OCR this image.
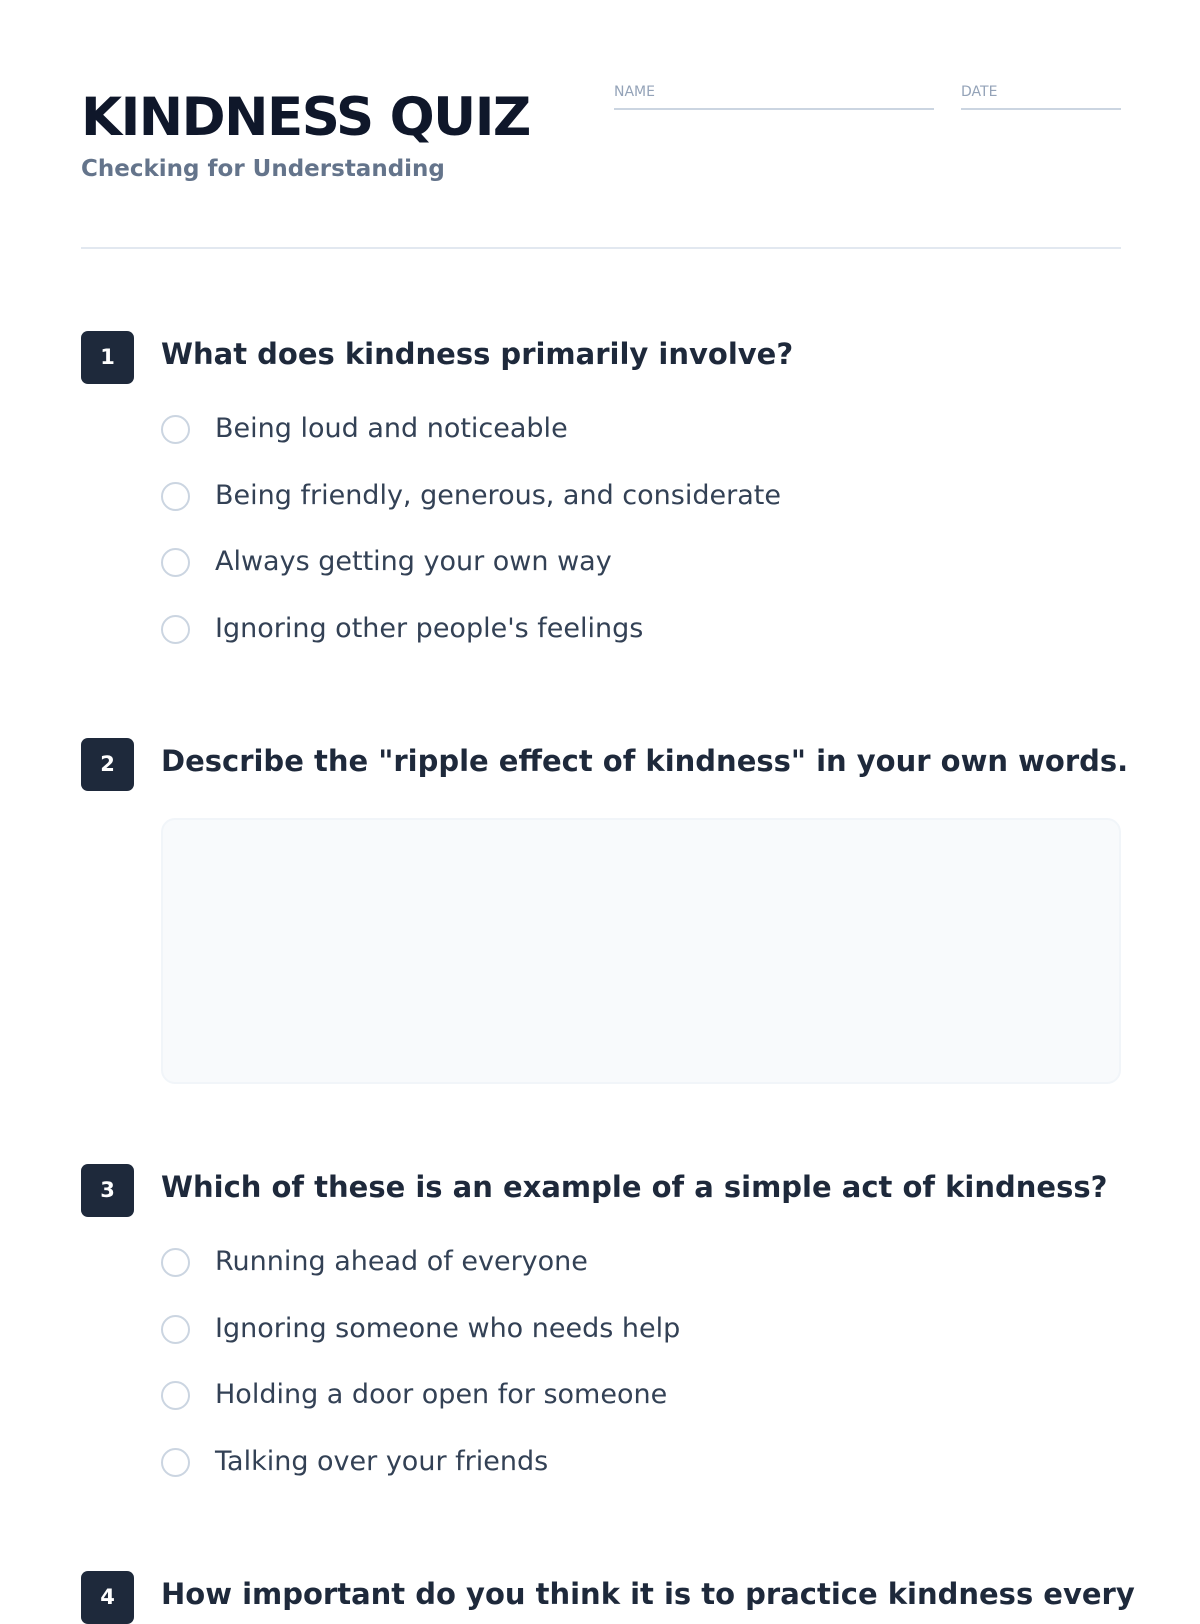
KINDNESS QUIZ
Checking for Understanding
NAME	DATE
1	What does kindness primarily involve?
Being loud and noticeable
Being friendly, generous, and considerate
Always getting your own way
Ignoring other people's feelings
2	Describe the "ripple effect of kindness" in your own words.
3	Which of these is an example of a simple act of kindness?
Running ahead of everyone
Ignoring someone who needs help
Holding a door open for someone
Talking over your friends
4	How important do you think it is to practice kindness every
